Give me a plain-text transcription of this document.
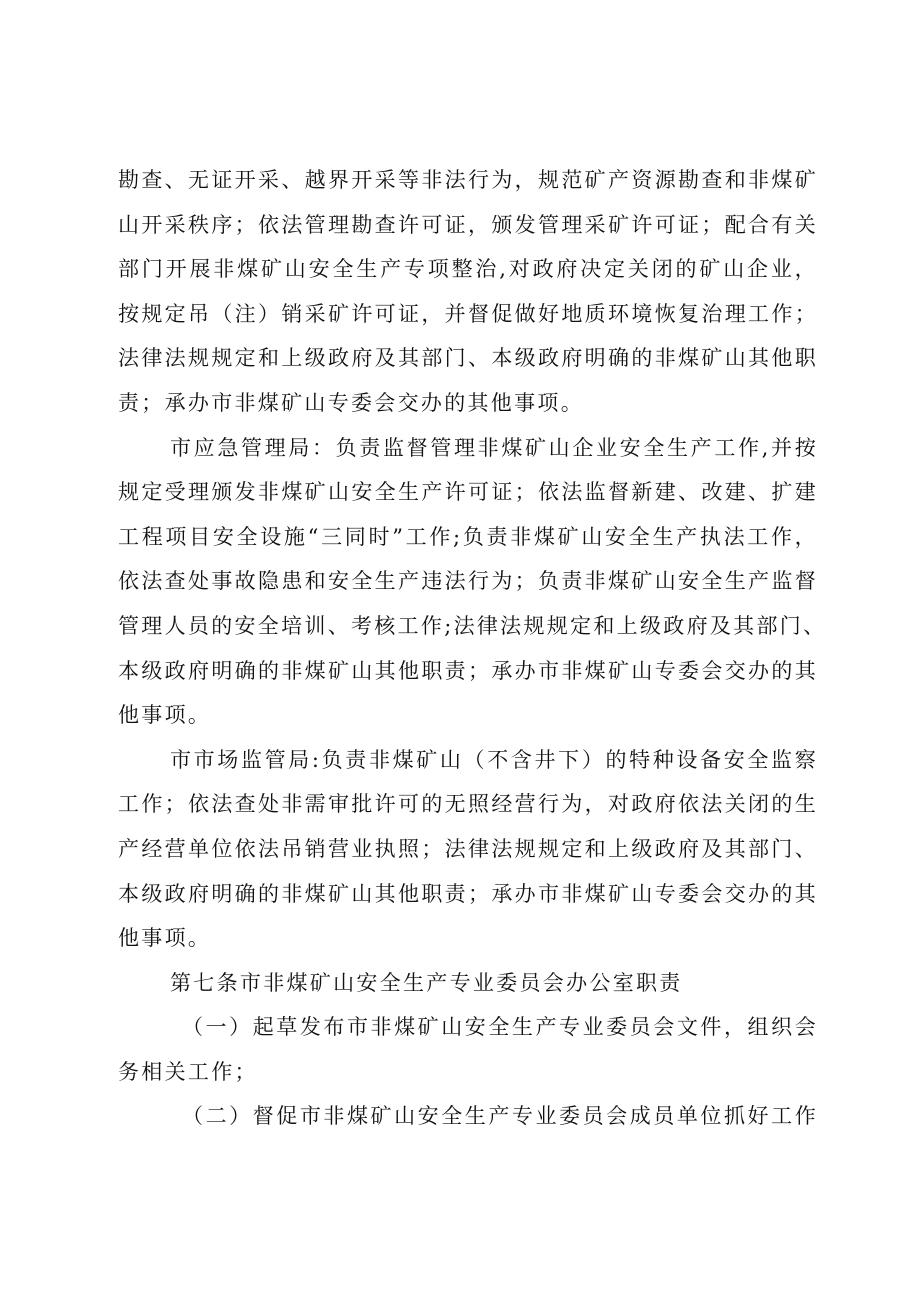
勘查、无证开采、越界开采等非法行为，规范矿产资源勘查和非煤矿
山开采秩序；依法管理勘查许可证，颁发管理采矿许可证；配合有关
部门开展非煤矿山安全生产专项整治,对政府决定关闭的矿山企业，
按规定吊（注）销采矿许可证，并督促做好地质环境恢复治理工作；
法律法规规定和上级政府及其部门、本级政府明确的非煤矿山其他职
责；承办市非煤矿山专委会交办的其他事项。

市应急管理局：负责监督管理非煤矿山企业安全生产工作,并按
规定受理颁发非煤矿山安全生产许可证；依法监督新建、改建、扩建
工程项目安全设施“三同时”工作;负责非煤矿山安全生产执法工作，
依法查处事故隐患和安全生产违法行为；负责非煤矿山安全生产监督
管理人员的安全培训、考核工作;法律法规规定和上级政府及其部门、
本级政府明确的非煤矿山其他职责；承办市非煤矿山专委会交办的其
他事项。

市市场监管局:负责非煤矿山（不含井下）的特种设备安全监察
工作；依法查处非需审批许可的无照经营行为，对政府依法关闭的生
产经营单位依法吊销营业执照；法律法规规定和上级政府及其部门、
本级政府明确的非煤矿山其他职责；承办市非煤矿山专委会交办的其
他事项。

第七条市非煤矿山安全生产专业委员会办公室职责

（一）起草发布市非煤矿山安全生产专业委员会文件，组织会
务相关工作；

（二）督促市非煤矿山安全生产专业委员会成员单位抓好工作
